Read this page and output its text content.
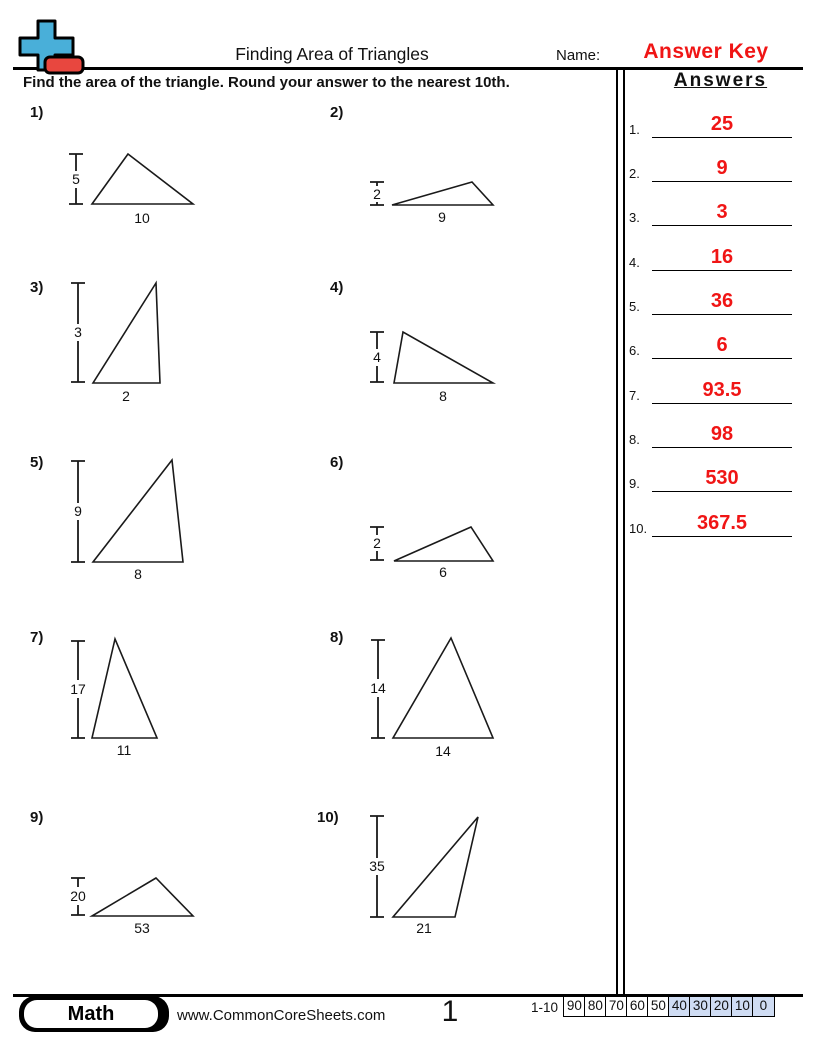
Finding Area of Triangles	Name:	Answer Key
Find the area of the triangle. Round your answer to the nearest 10th.
1)
5
10
2)
2
9
3)
3
2
4)
4
8
5)
9
8
6)
2
6
7)
17
11
8)
14
14
9)
20
53
10)
35
21
Answers
1.	25
2.	9
3.	3
4.	16
5.	36
6.	6
7.	93.5
8.	98
9.	530
10.	367.5
Math	www.CommonCoreSheets.com	1	1-10 90 80 70 60 50 40 30 20 10 0
